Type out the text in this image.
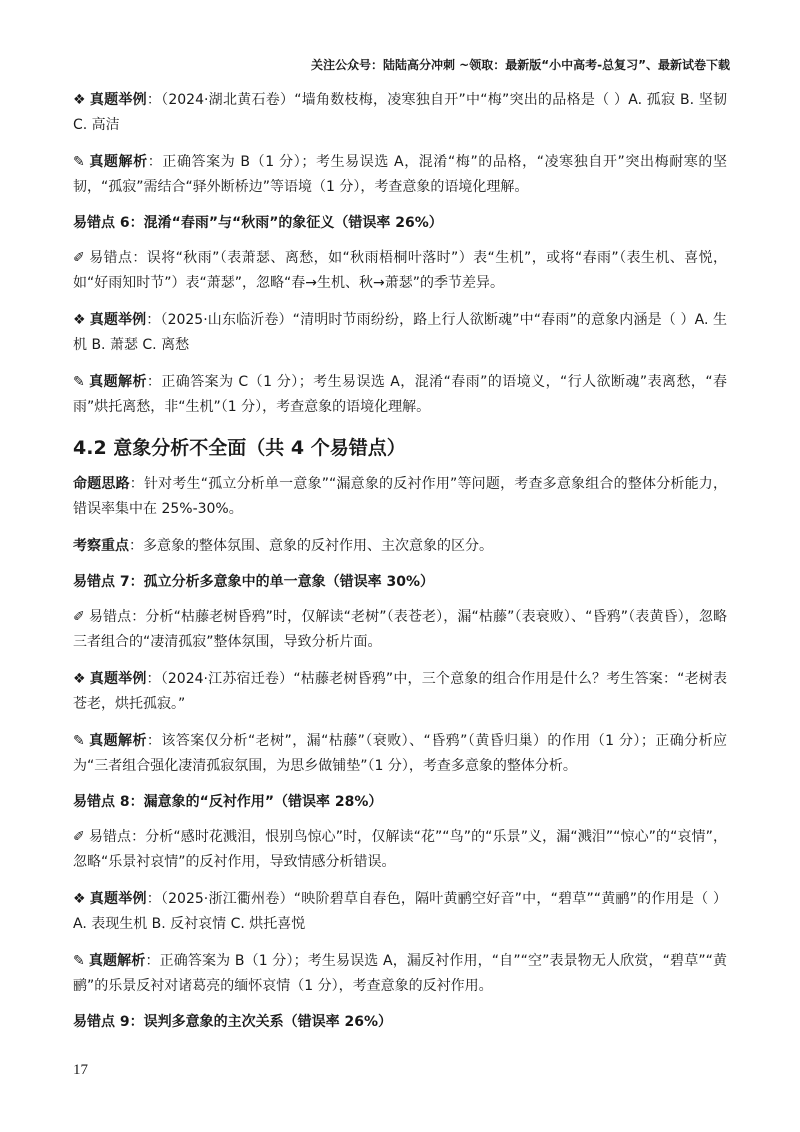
关注公众号：陆陆高分冲刺 ~领取：最新版“小中高考-总复习”、最新试卷下载

❖ 真题举例：（2024·湖北黄石卷）“墙角数枝梅，凌寒独自开”中“梅”突出的品格是（ ）A. 孤寂 B. 坚韧 C. 高洁

✎ 真题解析：正确答案为 B（1 分）；考生易误选 A，混淆“梅”的品格，“凌寒独自开”突出梅耐寒的坚韧，“孤寂”需结合“驿外断桥边”等语境（1 分），考查意象的语境化理解。

易错点 6：混淆“春雨”与“秋雨”的象征义（错误率 26%）

✐ 易错点：误将“秋雨”（表萧瑟、离愁，如“秋雨梧桐叶落时”）表“生机”，或将“春雨”（表生机、喜悦，如“好雨知时节”）表“萧瑟”，忽略“春→生机、秋→萧瑟”的季节差异。

❖ 真题举例：（2025·山东临沂卷）“清明时节雨纷纷，路上行人欲断魂”中“春雨”的意象内涵是（ ）A. 生机 B. 萧瑟 C. 离愁

✎ 真题解析：正确答案为 C（1 分）；考生易误选 A，混淆“春雨”的语境义，“行人欲断魂”表离愁，“春雨”烘托离愁，非“生机”（1 分），考查意象的语境化理解。

4.2 意象分析不全面（共 4 个易错点）

命题思路：针对考生“孤立分析单一意象”“漏意象的反衬作用”等问题，考查多意象组合的整体分析能力，错误率集中在 25%-30%。

考察重点：多意象的整体氛围、意象的反衬作用、主次意象的区分。

易错点 7：孤立分析多意象中的单一意象（错误率 30%）

✐ 易错点：分析“枯藤老树昏鸦”时，仅解读“老树”（表苍老），漏“枯藤”（表衰败）、“昏鸦”（表黄昏），忽略三者组合的“凄清孤寂”整体氛围，导致分析片面。

❖ 真题举例：（2024·江苏宿迁卷）“枯藤老树昏鸦”中，三个意象的组合作用是什么？考生答案：“老树表苍老，烘托孤寂。”

✎ 真题解析：该答案仅分析“老树”，漏“枯藤”（衰败）、“昏鸦”（黄昏归巢）的作用（1 分）；正确分析应为“三者组合强化凄清孤寂氛围，为思乡做铺垫”（1 分），考查多意象的整体分析。

易错点 8：漏意象的“反衬作用”（错误率 28%）

✐ 易错点：分析“感时花溅泪，恨别鸟惊心”时，仅解读“花”“鸟”的“乐景”义，漏“溅泪”“惊心”的“哀情”，忽略“乐景衬哀情”的反衬作用，导致情感分析错误。

❖ 真题举例：（2025·浙江衢州卷）“映阶碧草自春色，隔叶黄鹂空好音”中，“碧草”“黄鹂”的作用是（ ）A. 表现生机 B. 反衬哀情 C. 烘托喜悦

✎ 真题解析：正确答案为 B（1 分）；考生易误选 A，漏反衬作用，“自”“空”表景物无人欣赏，“碧草”“黄鹂”的乐景反衬对诸葛亮的缅怀哀情（1 分），考查意象的反衬作用。

易错点 9：误判多意象的主次关系（错误率 26%）
17
